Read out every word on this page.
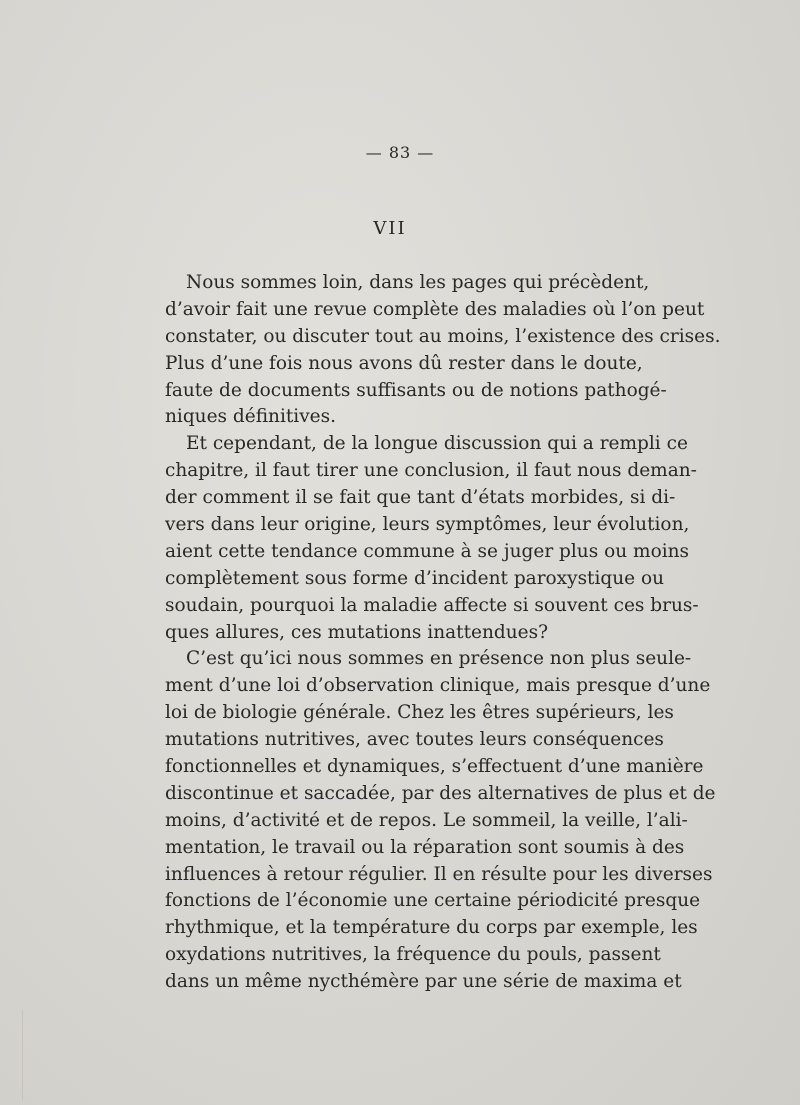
— 83 —
VII
Nous sommes loin, dans les pages qui précèdent,
d’avoir fait une revue complète des maladies où l’on peut
constater, ou discuter tout au moins, l’existence des crises.
Plus d’une fois nous avons dû rester dans le doute,
faute de documents suffisants ou de notions pathogé-
niques définitives.
Et cependant, de la longue discussion qui a rempli ce
chapitre, il faut tirer une conclusion, il faut nous deman-
der comment il se fait que tant d’états morbides, si di-
vers dans leur origine, leurs symptômes, leur évolution,
aient cette tendance commune à se juger plus ou moins
complètement sous forme d’incident paroxystique ou
soudain, pourquoi la maladie affecte si souvent ces brus-
ques allures, ces mutations inattendues?
C’est qu’ici nous sommes en présence non plus seule-
ment d’une loi d’observation clinique, mais presque d’une
loi de biologie générale. Chez les êtres supérieurs, les
mutations nutritives, avec toutes leurs conséquences
fonctionnelles et dynamiques, s’effectuent d’une manière
discontinue et saccadée, par des alternatives de plus et de
moins, d’activité et de repos. Le sommeil, la veille, l’ali-
mentation, le travail ou la réparation sont soumis à des
influences à retour régulier. Il en résulte pour les diverses
fonctions de l’économie une certaine périodicité presque
rhythmique, et la température du corps par exemple, les
oxydations nutritives, la fréquence du pouls, passent
dans un même nycthémère par une série de maxima et
